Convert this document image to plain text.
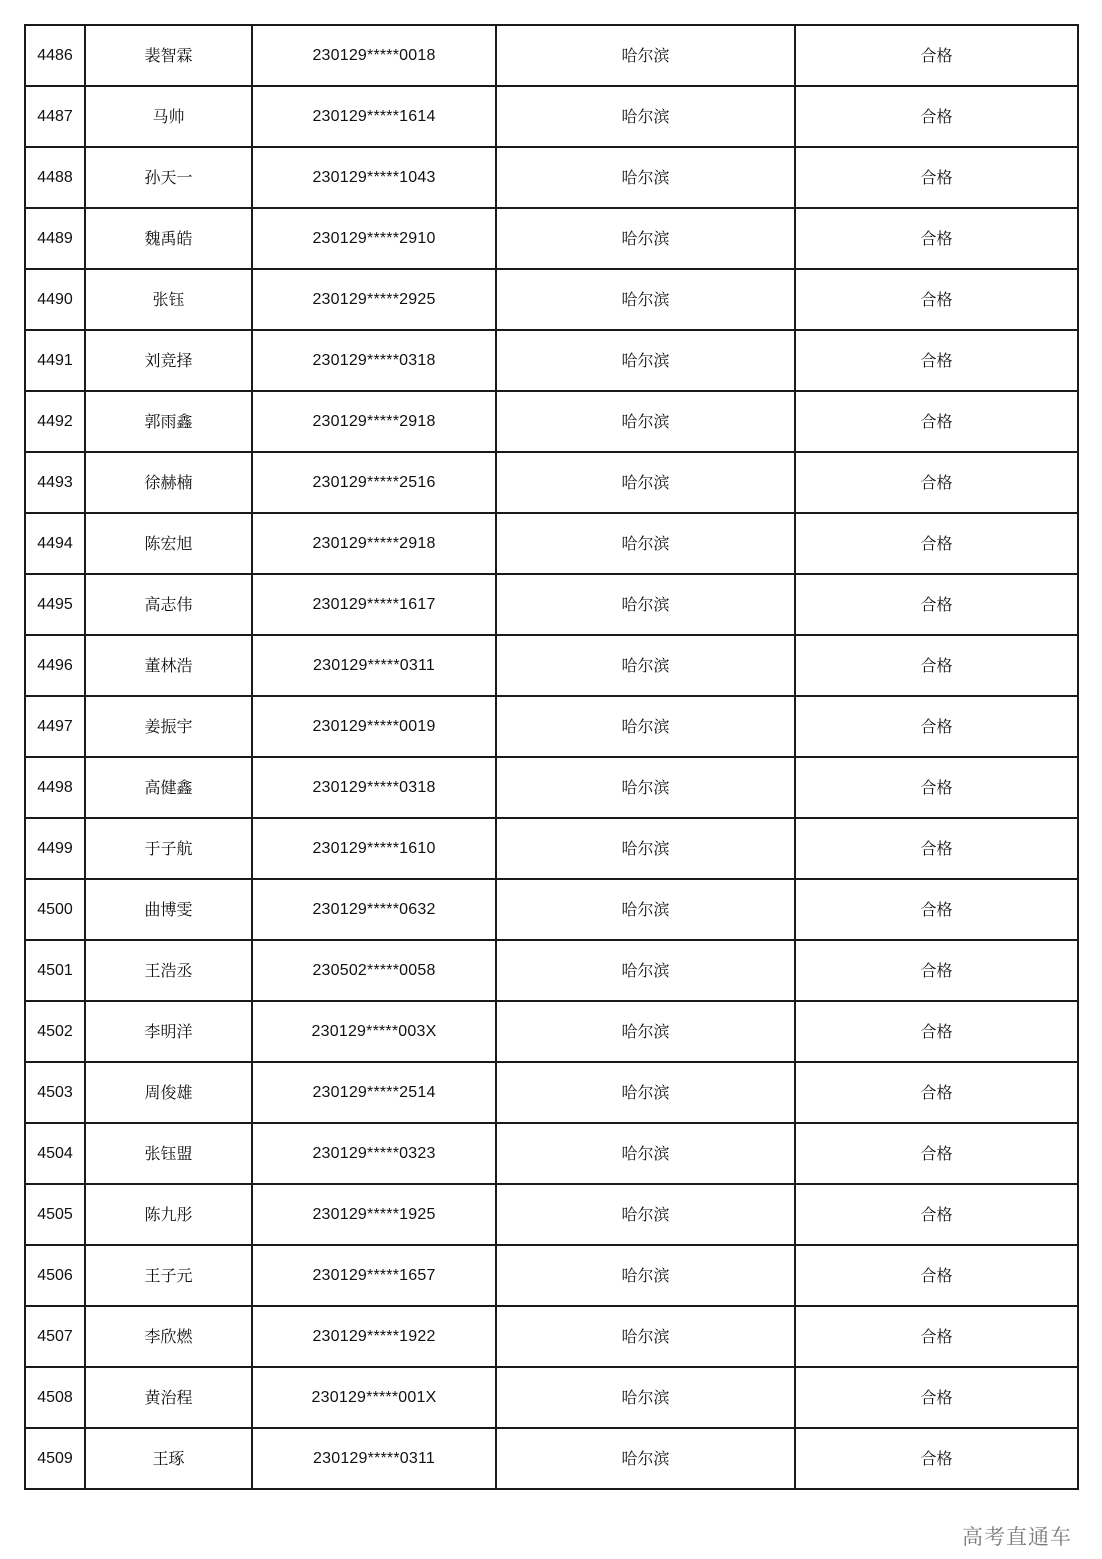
4486	裴智霖	230129*****0018	哈尔滨	合格
4487	马帅	230129*****1614	哈尔滨	合格
4488	孙天一	230129*****1043	哈尔滨	合格
4489	魏禹皓	230129*****2910	哈尔滨	合格
4490	张钰	230129*****2925	哈尔滨	合格
4491	刘竞择	230129*****0318	哈尔滨	合格
4492	郭雨鑫	230129*****2918	哈尔滨	合格
4493	徐赫楠	230129*****2516	哈尔滨	合格
4494	陈宏旭	230129*****2918	哈尔滨	合格
4495	高志伟	230129*****1617	哈尔滨	合格
4496	董林浩	230129*****0311	哈尔滨	合格
4497	姜振宇	230129*****0019	哈尔滨	合格
4498	高健鑫	230129*****0318	哈尔滨	合格
4499	于子航	230129*****1610	哈尔滨	合格
4500	曲博雯	230129*****0632	哈尔滨	合格
4501	王浩丞	230502*****0058	哈尔滨	合格
4502	李明洋	230129*****003X	哈尔滨	合格
4503	周俊雄	230129*****2514	哈尔滨	合格
4504	张钰盟	230129*****0323	哈尔滨	合格
4505	陈九彤	230129*****1925	哈尔滨	合格
4506	王子元	230129*****1657	哈尔滨	合格
4507	李欣燃	230129*****1922	哈尔滨	合格
4508	黄治程	230129*****001X	哈尔滨	合格
4509	王琢	230129*****0311	哈尔滨	合格
高考直通车
